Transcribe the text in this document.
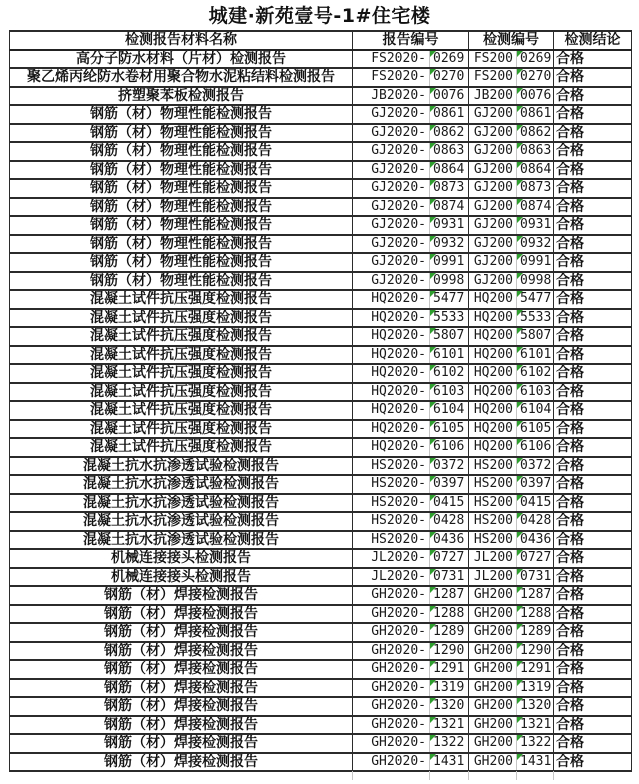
城建·新苑壹号-1#住宅楼
检测报告材料名称	报告编号		检测编号		检测结论
高分子防水材料（片材）检测报告	FS2020-	0269	FS200	0269	合格
聚乙烯丙纶防水卷材用聚合物水泥粘结料检测报告	FS2020-	0270	FS200	0270	合格
挤塑聚苯板检测报告	JB2020-	0076	JB200	0076	合格
钢筋（材）物理性能检测报告	GJ2020-	0861	GJ200	0861	合格
钢筋（材）物理性能检测报告	GJ2020-	0862	GJ200	0862	合格
钢筋（材）物理性能检测报告	GJ2020-	0863	GJ200	0863	合格
钢筋（材）物理性能检测报告	GJ2020-	0864	GJ200	0864	合格
钢筋（材）物理性能检测报告	GJ2020-	0873	GJ200	0873	合格
钢筋（材）物理性能检测报告	GJ2020-	0874	GJ200	0874	合格
钢筋（材）物理性能检测报告	GJ2020-	0931	GJ200	0931	合格
钢筋（材）物理性能检测报告	GJ2020-	0932	GJ200	0932	合格
钢筋（材）物理性能检测报告	GJ2020-	0991	GJ200	0991	合格
钢筋（材）物理性能检测报告	GJ2020-	0998	GJ200	0998	合格
混凝土试件抗压强度检测报告	HQ2020-	5477	HQ200	5477	合格
混凝土试件抗压强度检测报告	HQ2020-	5533	HQ200	5533	合格
混凝土试件抗压强度检测报告	HQ2020-	5807	HQ200	5807	合格
混凝土试件抗压强度检测报告	HQ2020-	6101	HQ200	6101	合格
混凝土试件抗压强度检测报告	HQ2020-	6102	HQ200	6102	合格
混凝土试件抗压强度检测报告	HQ2020-	6103	HQ200	6103	合格
混凝土试件抗压强度检测报告	HQ2020-	6104	HQ200	6104	合格
混凝土试件抗压强度检测报告	HQ2020-	6105	HQ200	6105	合格
混凝土试件抗压强度检测报告	HQ2020-	6106	HQ200	6106	合格
混凝土抗水抗渗透试验检测报告	HS2020-	0372	HS200	0372	合格
混凝土抗水抗渗透试验检测报告	HS2020-	0397	HS200	0397	合格
混凝土抗水抗渗透试验检测报告	HS2020-	0415	HS200	0415	合格
混凝土抗水抗渗透试验检测报告	HS2020-	0428	HS200	0428	合格
混凝土抗水抗渗透试验检测报告	HS2020-	0436	HS200	0436	合格
机械连接接头检测报告	JL2020-	0727	JL200	0727	合格
机械连接接头检测报告	JL2020-	0731	JL200	0731	合格
钢筋（材）焊接检测报告	GH2020-	1287	GH200	1287	合格
钢筋（材）焊接检测报告	GH2020-	1288	GH200	1288	合格
钢筋（材）焊接检测报告	GH2020-	1289	GH200	1289	合格
钢筋（材）焊接检测报告	GH2020-	1290	GH200	1290	合格
钢筋（材）焊接检测报告	GH2020-	1291	GH200	1291	合格
钢筋（材）焊接检测报告	GH2020-	1319	GH200	1319	合格
钢筋（材）焊接检测报告	GH2020-	1320	GH200	1320	合格
钢筋（材）焊接检测报告	GH2020-	1321	GH200	1321	合格
钢筋（材）焊接检测报告	GH2020-	1322	GH200	1322	合格
钢筋（材）焊接检测报告	GH2020-	1431	GH200	1431	合格
